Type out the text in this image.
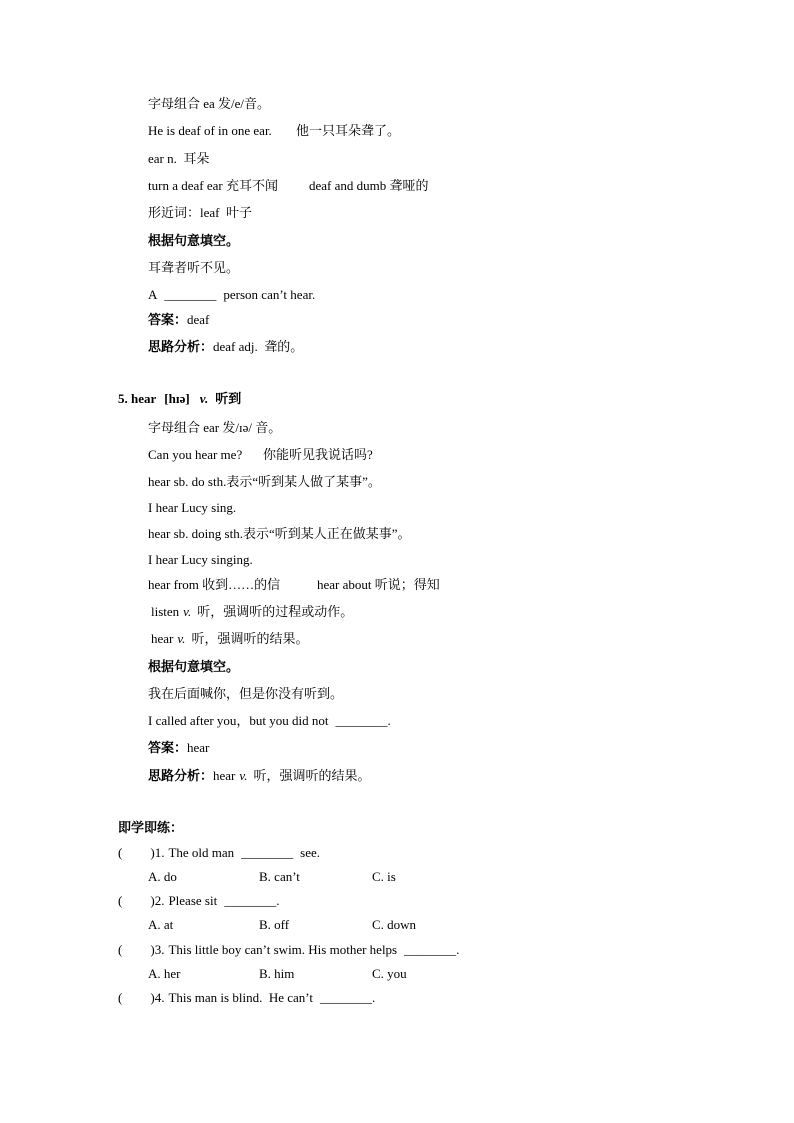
字母组合 ea 发/e/音。
He is deaf of in one ear. 他一只耳朵聋了。
ear n.  耳朵
turn a deaf ear 充耳不闻 deaf and dumb 聋哑的
形近词：leaf  叶子
根据句意填空。
耳聋者听不见。
A ________ person can’t hear.
答案：deaf
思路分析：deaf adj.  聋的。
5. hear [hɪə] v. 听到
字母组合 ear 发/ɪə/ 音。
Can you hear me? 你能听见我说话吗?
hear sb. do sth.表示“听到某人做了某事”。
I hear Lucy sing.
hear sb. doing sth.表示“听到某人正在做某事”。
I hear Lucy singing.
hear from 收到……的信	hear about 听说；得知
listen v. 听，强调听的过程或动作。
hear v. 听，强调听的结果。
根据句意填空。
我在后面喊你，但是你没有听到。
I called after you，but you did not ________.
答案：hear
思路分析：hear v. 听，强调听的结果。
即学即练：
( )1. The old man ________ see.
A. do	B. can’t	C. is
( )2. Please sit ________.
A. at	B. off	C. down
( )3. This little boy can’t swim. His mother helps ________.
A. her	B. him	C. you
( )4. This man is blind.  He can’t ________.
